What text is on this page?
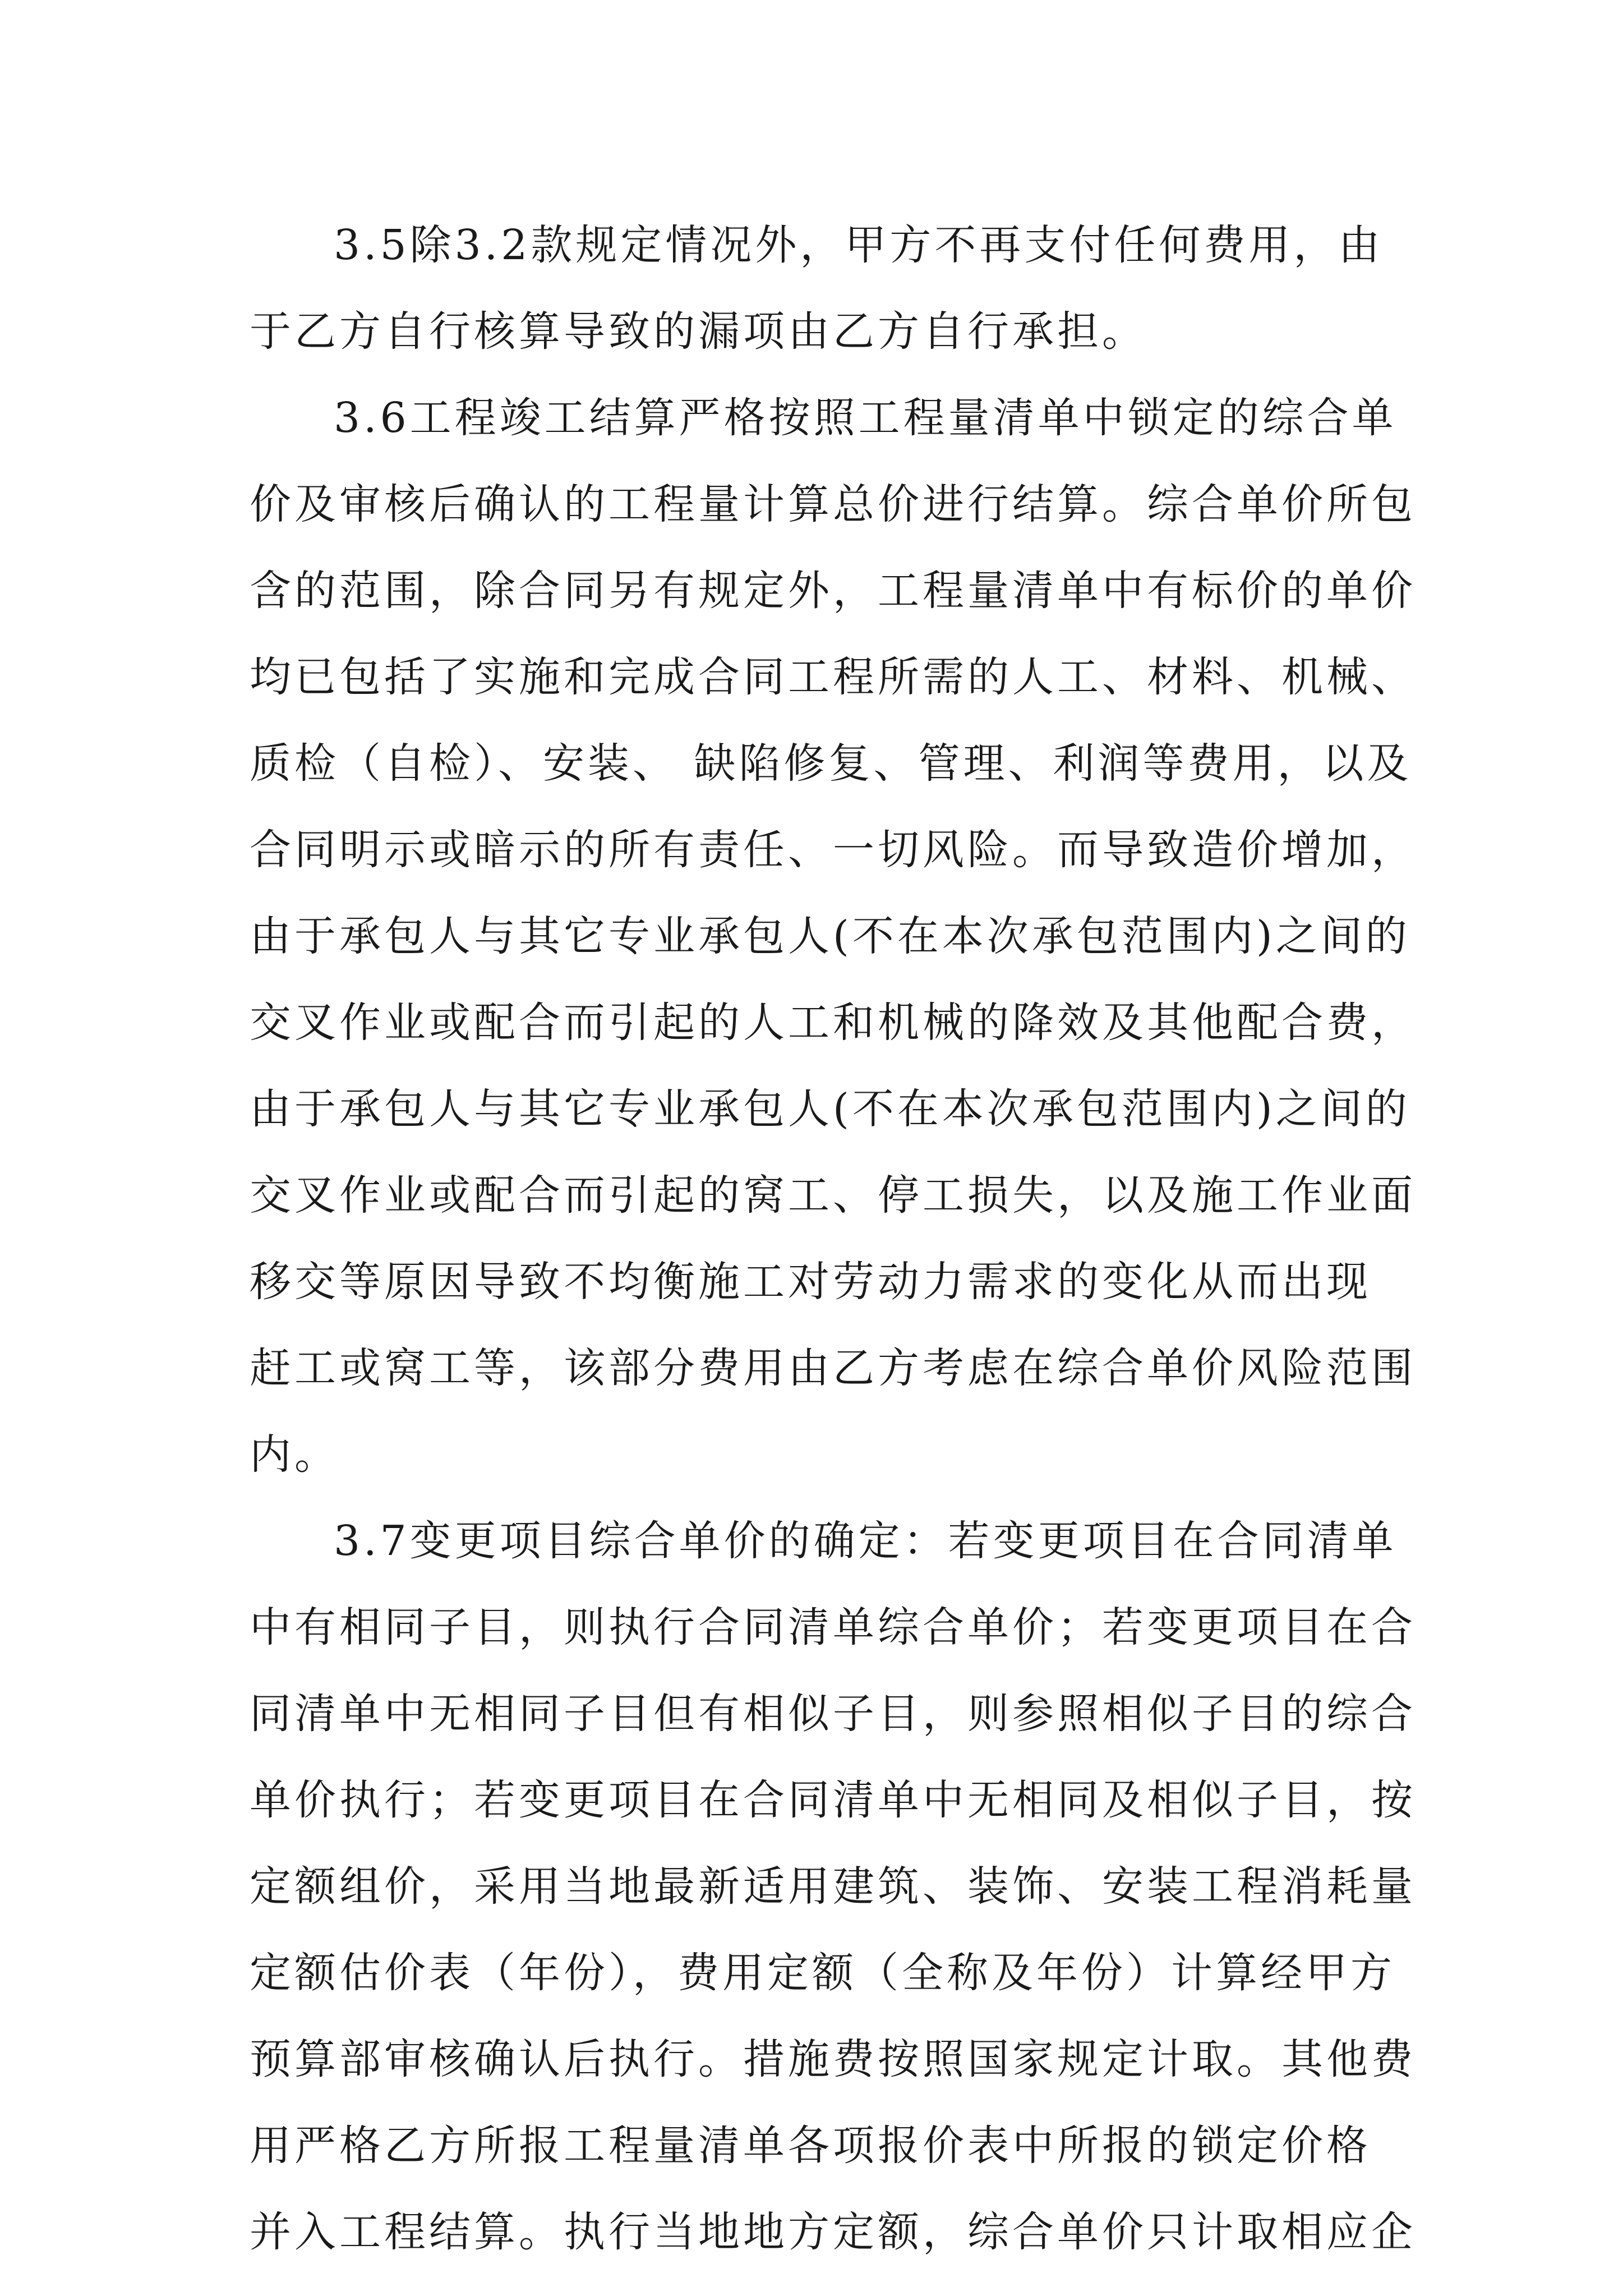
3.5除3.2款规定情况外，甲方不再支付任何费用，由
于乙方自行核算导致的漏项由乙方自行承担。
3.6工程竣工结算严格按照工程量清单中锁定的综合单
价及审核后确认的工程量计算总价进行结算。综合单价所包
含的范围，除合同另有规定外，工程量清单中有标价的单价
均已包括了实施和完成合同工程所需的人工、材料、机械、
质检（自检）、安装、 缺陷修复、管理、利润等费用，以及
合同明示或暗示的所有责任、一切风险。而导致造价增加，
由于承包人与其它专业承包人(不在本次承包范围内)之间的
交叉作业或配合而引起的人工和机械的降效及其他配合费，
由于承包人与其它专业承包人(不在本次承包范围内)之间的
交叉作业或配合而引起的窝工、停工损失，以及施工作业面
移交等原因导致不均衡施工对劳动力需求的变化从而出现
赶工或窝工等，该部分费用由乙方考虑在综合单价风险范围
内。
3.7变更项目综合单价的确定：若变更项目在合同清单
中有相同子目，则执行合同清单综合单价；若变更项目在合
同清单中无相同子目但有相似子目，则参照相似子目的综合
单价执行；若变更项目在合同清单中无相同及相似子目，按
定额组价，采用当地最新适用建筑、装饰、安装工程消耗量
定额估价表（年份），费用定额（全称及年份）计算经甲方
预算部审核确认后执行。措施费按照国家规定计取。其他费
用严格乙方所报工程量清单各项报价表中所报的锁定价格
并入工程结算。执行当地地方定额，综合单价只计取相应企
